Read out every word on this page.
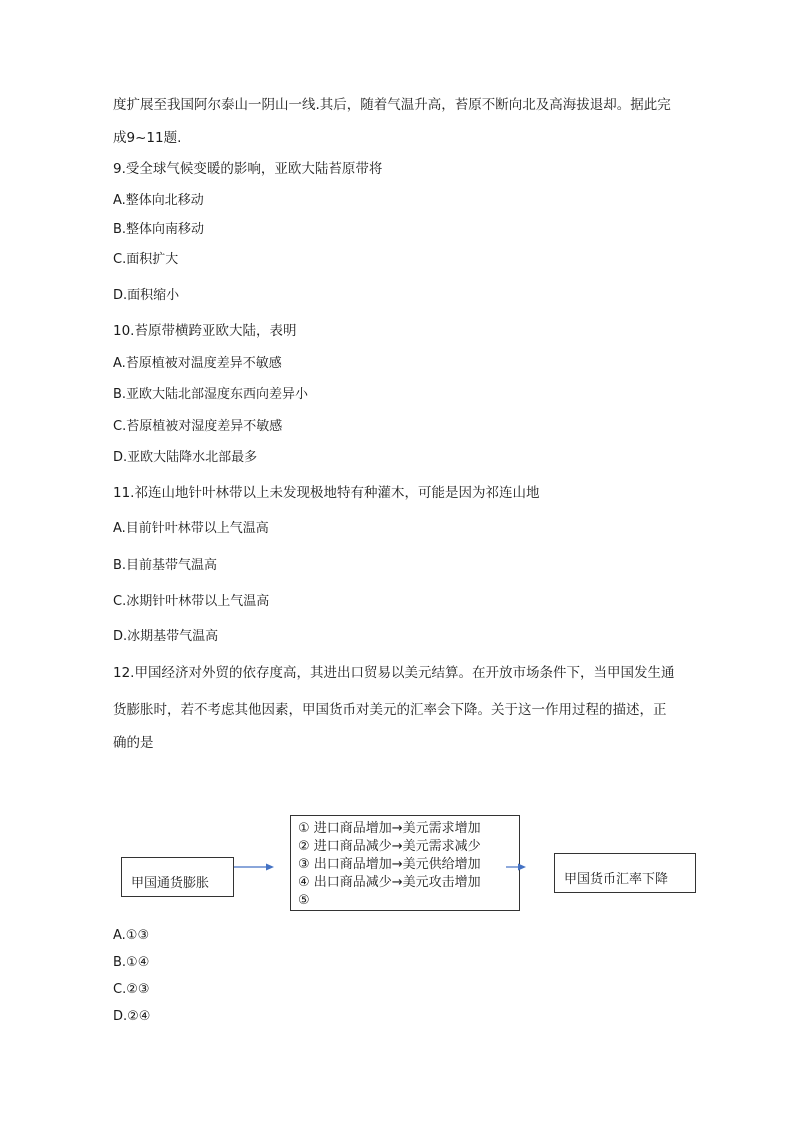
度扩展至我国阿尔泰山一阴山一线.其后，随着气温升高，苔原不断向北及高海拔退却。据此完
成9~11题.
9.受全球气候变暖的影响，亚欧大陆苔原带将
A.整体向北移动
B.整体向南移动
C.面积扩大
D.面积缩小
10.苔原带横跨亚欧大陆，表明
A.苔原植被对温度差异不敏感
B.亚欧大陆北部湿度东西向差异小
C.苔原植被对湿度差异不敏感
D.亚欧大陆降水北部最多
11.祁连山地针叶林带以上未发现极地特有种灌木，可能是因为祁连山地
A.目前针叶林带以上气温高
B.目前基带气温高
C.冰期针叶林带以上气温高
D.冰期基带气温高
12.甲国经济对外贸的依存度高，其进出口贸易以美元结算。在开放市场条件下，当甲国发生通
货膨胀时，若不考虑其他因素，甲国货币对美元的汇率会下降。关于这一作用过程的描述，正
确的是
甲国通货膨胀
① 进口商品增加→美元需求增加
② 进口商品减少→美元需求减少
③ 出口商品增加→美元供给增加
④ 出口商品减少→美元攻击增加
⑤
甲国货币汇率下降
A.①③
B.①④
C.②③
D.②④
